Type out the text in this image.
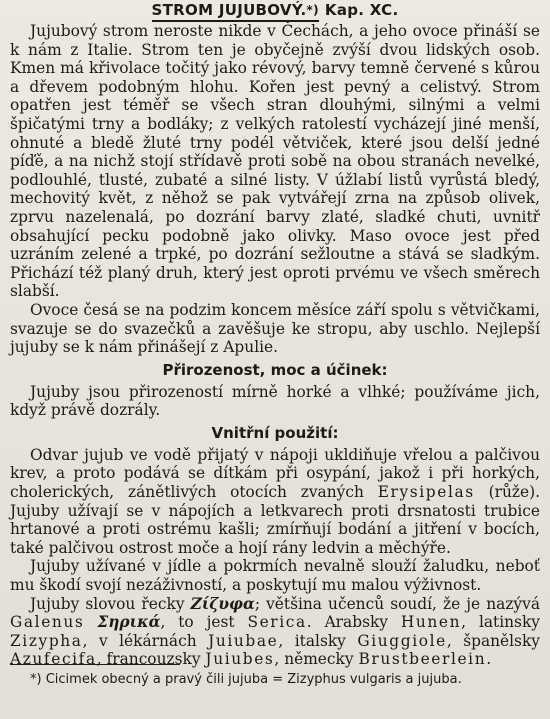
STROM JUJUBOVÝ.*) Kap. XC.

Jujubový strom neroste nikde v Čechách, a jeho ovoce přináší se k nám z Italie. Strom ten je obyčejně zvýší dvou lidských osob. Kmen má křivolace točitý jako révový, barvy temně červené s kůrou a dřevem podobným hlohu. Kořen jest pevný a celistvý. Strom opatřen jest téměř se všech stran dlouhými, silnými a velmi špičatými trny a bodláky; z velkých ratolestí vycházejí jiné menší, ohnuté a bledě žluté trny podél větviček, které jsou delší jedné píďě, a na nichž stojí střídavě proti sobě na obou stranách nevelké, podlouhlé, tlusté, zubaté a silné listy. V úžlabí listů vyrůstá bledý, mechovitý květ, z něhož se pak vytvářejí zrna na způsob olivek, zprvu nazelenalá, po dozrání barvy zlaté, sladké chuti, uvnitř obsahující pecku podobně jako olivky. Maso ovoce jest před uzráním zelené a trpké, po dozrání sežloutne a stává se sladkým. Přichází též planý druh, který jest oproti prvému ve všech směrech slabší.

Ovoce česá se na podzim koncem měsíce září spolu s větvičkami, svazuje se do svazečků a zavěšuje ke stropu, aby uschlo. Nejlepší jujuby se k nám přinášejí z Apulie.

Přirozenost, moc a účinek:

Jujuby jsou přirozeností mírně horké a vlhké; používáme jich, když právě dozrály.

Vnitřní použití:

Odvar jujub ve vodě přijatý v nápoji ukldiňuje vřelou a palčivou krev, a proto podává se dítkám při osypání, jakož i při horkých, cholerických, zánětlivých otocích zvaných Erysipelas (růže). Jujuby užívají se v nápojích a letkvarech proti drsnatosti trubice hrtanové a proti ostrému kašli; zmírňují bodání a jitření v bocích, také palčivou ostrost moče a hojí rány ledvin a měchýře.

Jujuby užívané v jídle a pokrmích nevalně slouží žaludku, neboť mu škodí svojí nezáživností, a poskytují mu malou výživnost.

Jujuby slovou řecky Ζίζυφα; většina učenců soudí, že je nazývá Galenus Σηρικά, to jest Serica. Arabsky Hunen, latinsky Zizypha, v lékárnách Juiubae, italsky Giuggiole, španělsky Azufecifa, francouzsky Juiubes, německy Brustbeerlein.

*) Cicimek obecný a pravý čili jujuba = Zizyphus vulgaris a jujuba.
